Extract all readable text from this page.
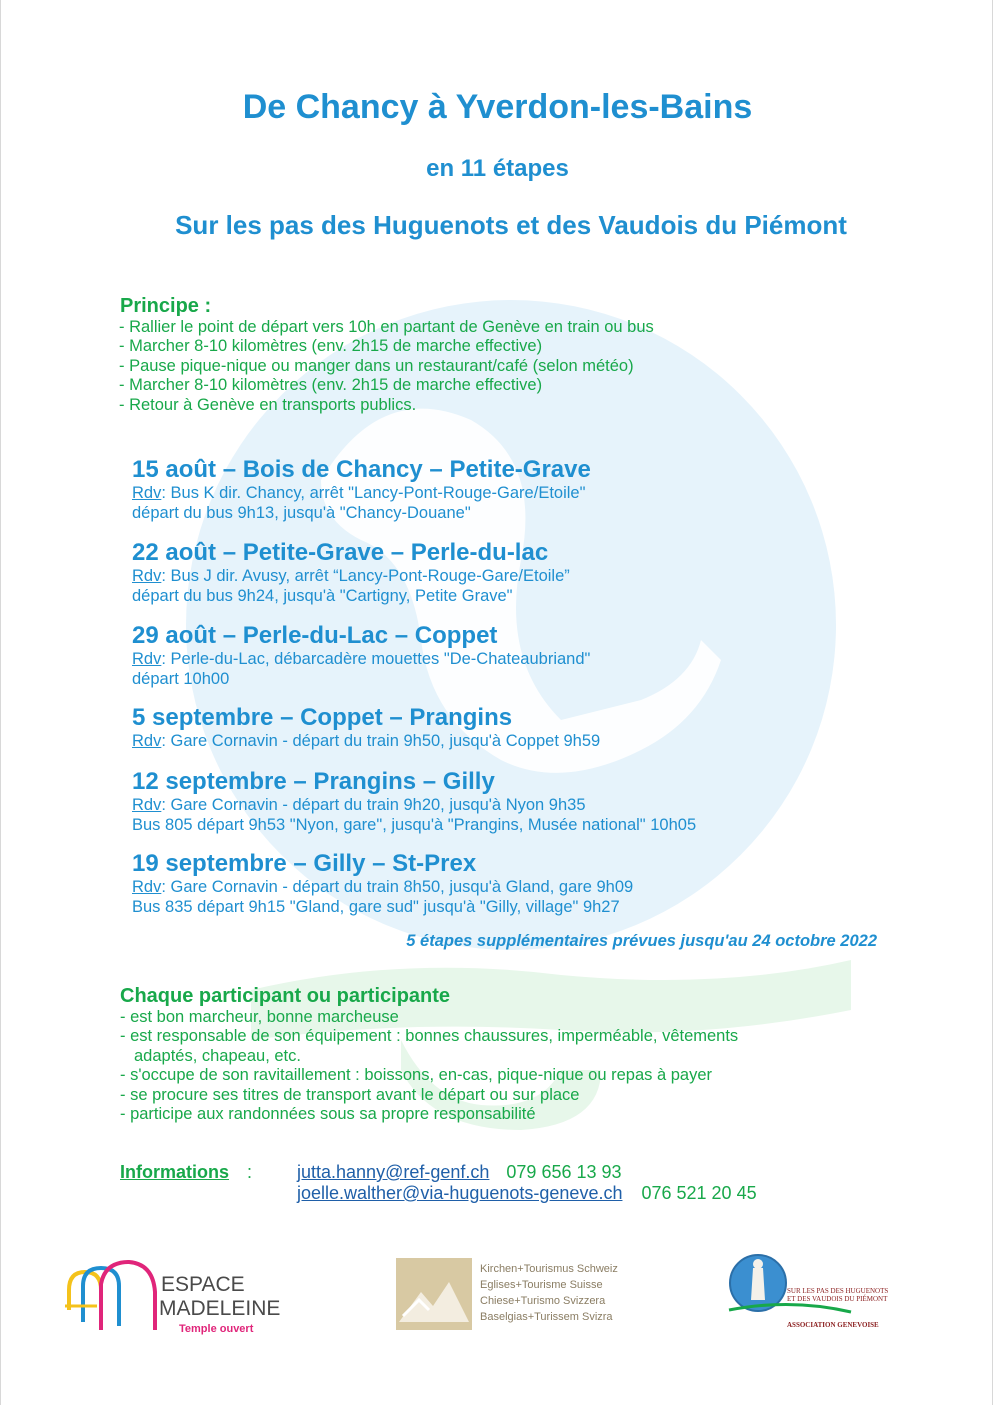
De Chancy à Yverdon-les-Bains
en 11 étapes
Sur les pas des Huguenots et des Vaudois du Piémont
Principe :
- Rallier le point de départ vers 10h en partant de Genève en train ou bus
- Marcher 8-10 kilomètres (env. 2h15 de marche effective)
- Pause pique-nique ou manger dans un restaurant/café (selon météo)
- Marcher 8-10 kilomètres (env. 2h15 de marche effective)
- Retour à Genève en transports publics.
15 août – Bois de Chancy – Petite-Grave
Rdv: Bus K dir. Chancy, arrêt "Lancy-Pont-Rouge-Gare/Etoile"
départ du bus 9h13, jusqu'à "Chancy-Douane"
22 août – Petite-Grave – Perle-du-lac
Rdv: Bus J dir. Avusy, arrêt “Lancy-Pont-Rouge-Gare/Etoile”
départ du bus 9h24, jusqu'à "Cartigny, Petite Grave"
29 août – Perle-du-Lac – Coppet
Rdv: Perle-du-Lac, débarcadère mouettes "De-Chateaubriand"
départ 10h00
5 septembre – Coppet – Prangins
Rdv: Gare Cornavin - départ du train 9h50, jusqu'à Coppet 9h59
12 septembre – Prangins – Gilly
Rdv: Gare Cornavin - départ du train 9h20, jusqu'à Nyon 9h35
Bus 805 départ 9h53 "Nyon, gare", jusqu'à "Prangins, Musée national" 10h05
19 septembre – Gilly – St-Prex
Rdv: Gare Cornavin - départ du train 8h50, jusqu'à Gland, gare 9h09
Bus 835 départ 9h15 "Gland, gare sud" jusqu'à "Gilly, village" 9h27
5 étapes supplémentaires prévues jusqu'au 24 octobre 2022
Chaque participant ou participante
- est bon marcheur, bonne marcheuse
- est responsable de son équipement : bonnes chaussures, imperméable, vêtements
adaptés, chapeau, etc.
- s'occupe de son ravitaillement : boissons, en-cas, pique-nique ou repas à payer
- se procure ses titres de transport avant le départ ou sur place
- participe aux randonnées sous sa propre responsabilité
Informations : jutta.hanny@ref-genf.ch 079 656 13 93
joelle.walther@via-huguenots-geneve.ch 076 521 20 45
ESPACE
MADELEINE
Temple ouvert
Kirchen+Tourismus Schweiz
Eglises+Tourisme Suisse
Chiese+Turismo Svizzera
Baselgias+Turissem Svizra
SUR LES PAS DES HUGUENOTS
ET DES VAUDOIS DU PIÉMONT
ASSOCIATION GENEVOISE
